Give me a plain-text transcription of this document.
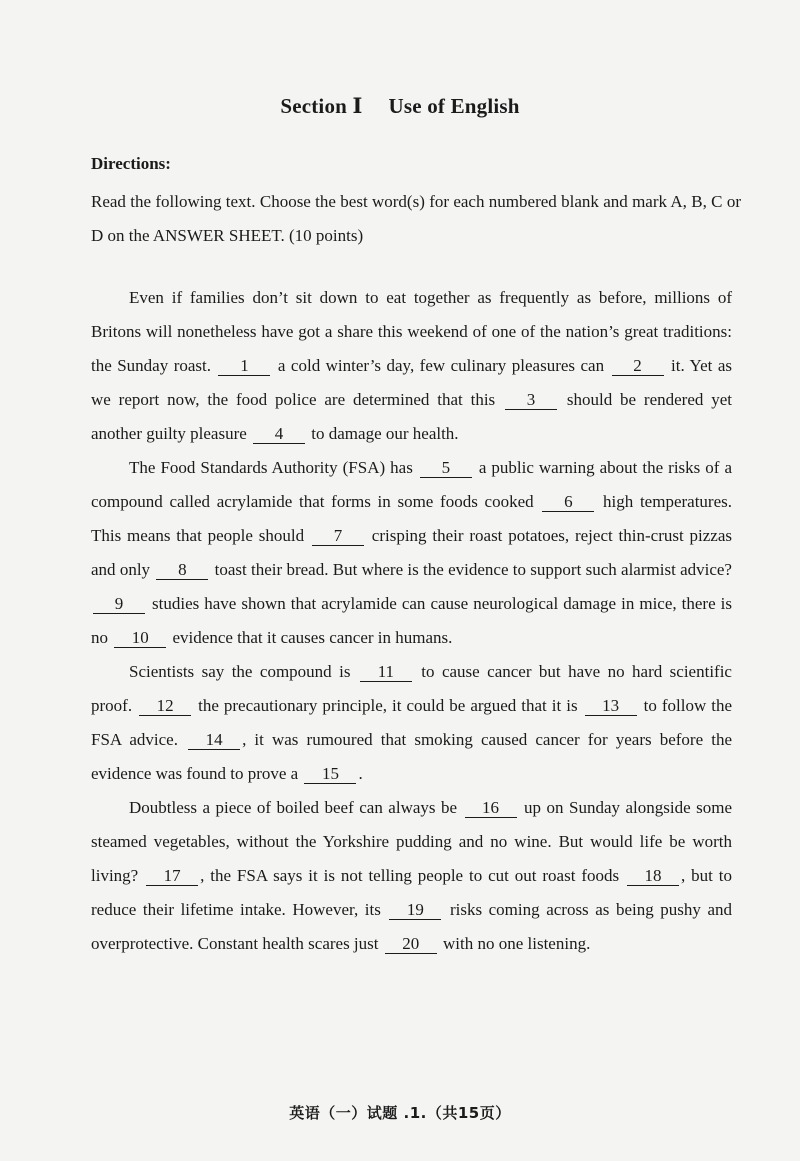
Section Ⅰ Use of English
Directions:
Read the following text. Choose the best word(s) for each numbered blank and mark A, B, C or D on the ANSWER SHEET. (10 points)

Even if families don’t sit down to eat together as frequently as before, millions of Britons will nonetheless have got a share this weekend of one of the nation’s great traditions: the Sunday roast. 1 a cold winter’s day, few culinary pleasures can 2 it. Yet as we report now, the food police are determined that this 3 should be rendered yet another guilty pleasure 4 to damage our health.

The Food Standards Authority (FSA) has 5 a public warning about the risks of a compound called acrylamide that forms in some foods cooked 6 high temperatures. This means that people should 7 crisping their roast potatoes, reject thin-crust pizzas and only 8 toast their bread. But where is the evidence to support such alarmist advice? 9 studies have shown that acrylamide can cause neurological damage in mice, there is no 10 evidence that it causes cancer in humans.

Scientists say the compound is 11 to cause cancer but have no hard scientific proof. 12 the precautionary principle, it could be argued that it is 13 to follow the FSA advice. 14 , it was rumoured that smoking caused cancer for years before the evidence was found to prove a 15 .

Doubtless a piece of boiled beef can always be 16 up on Sunday alongside some steamed vegetables, without the Yorkshire pudding and no wine. But would life be worth living? 17 , the FSA says it is not telling people to cut out roast foods 18 , but to reduce their lifetime intake. However, its 19 risks coming across as being pushy and overprotective. Constant health scares just 20 with no one listening.

英语（一）试题 .1.（共15页）
